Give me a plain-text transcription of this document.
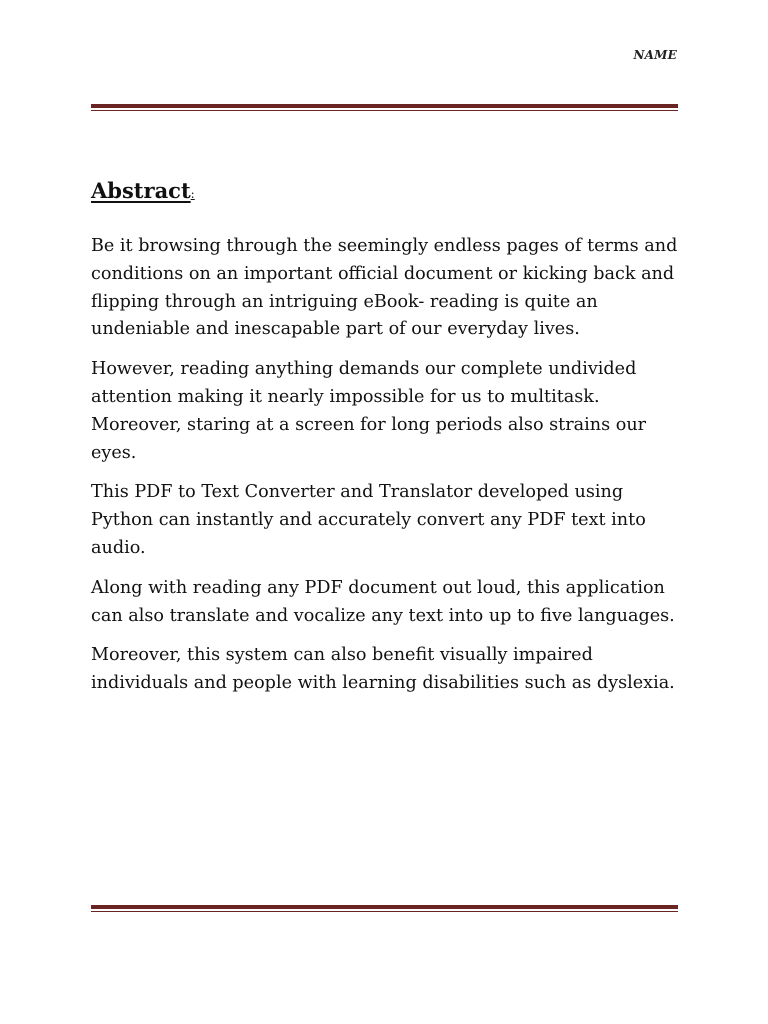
NAME
Abstract:

Be it browsing through the seemingly endless pages of terms and conditions on an important official document or kicking back and flipping through an intriguing eBook- reading is quite an undeniable and inescapable part of our everyday lives.

However, reading anything demands our complete undivided attention making it nearly impossible for us to multitask. Moreover, staring at a screen for long periods also strains our eyes.

This PDF to Text Converter and Translator developed using Python can instantly and accurately convert any PDF text into audio.

Along with reading any PDF document out loud, this application can also translate and vocalize any text into up to five languages.

Moreover, this system can also benefit visually impaired individuals and people with learning disabilities such as dyslexia.
